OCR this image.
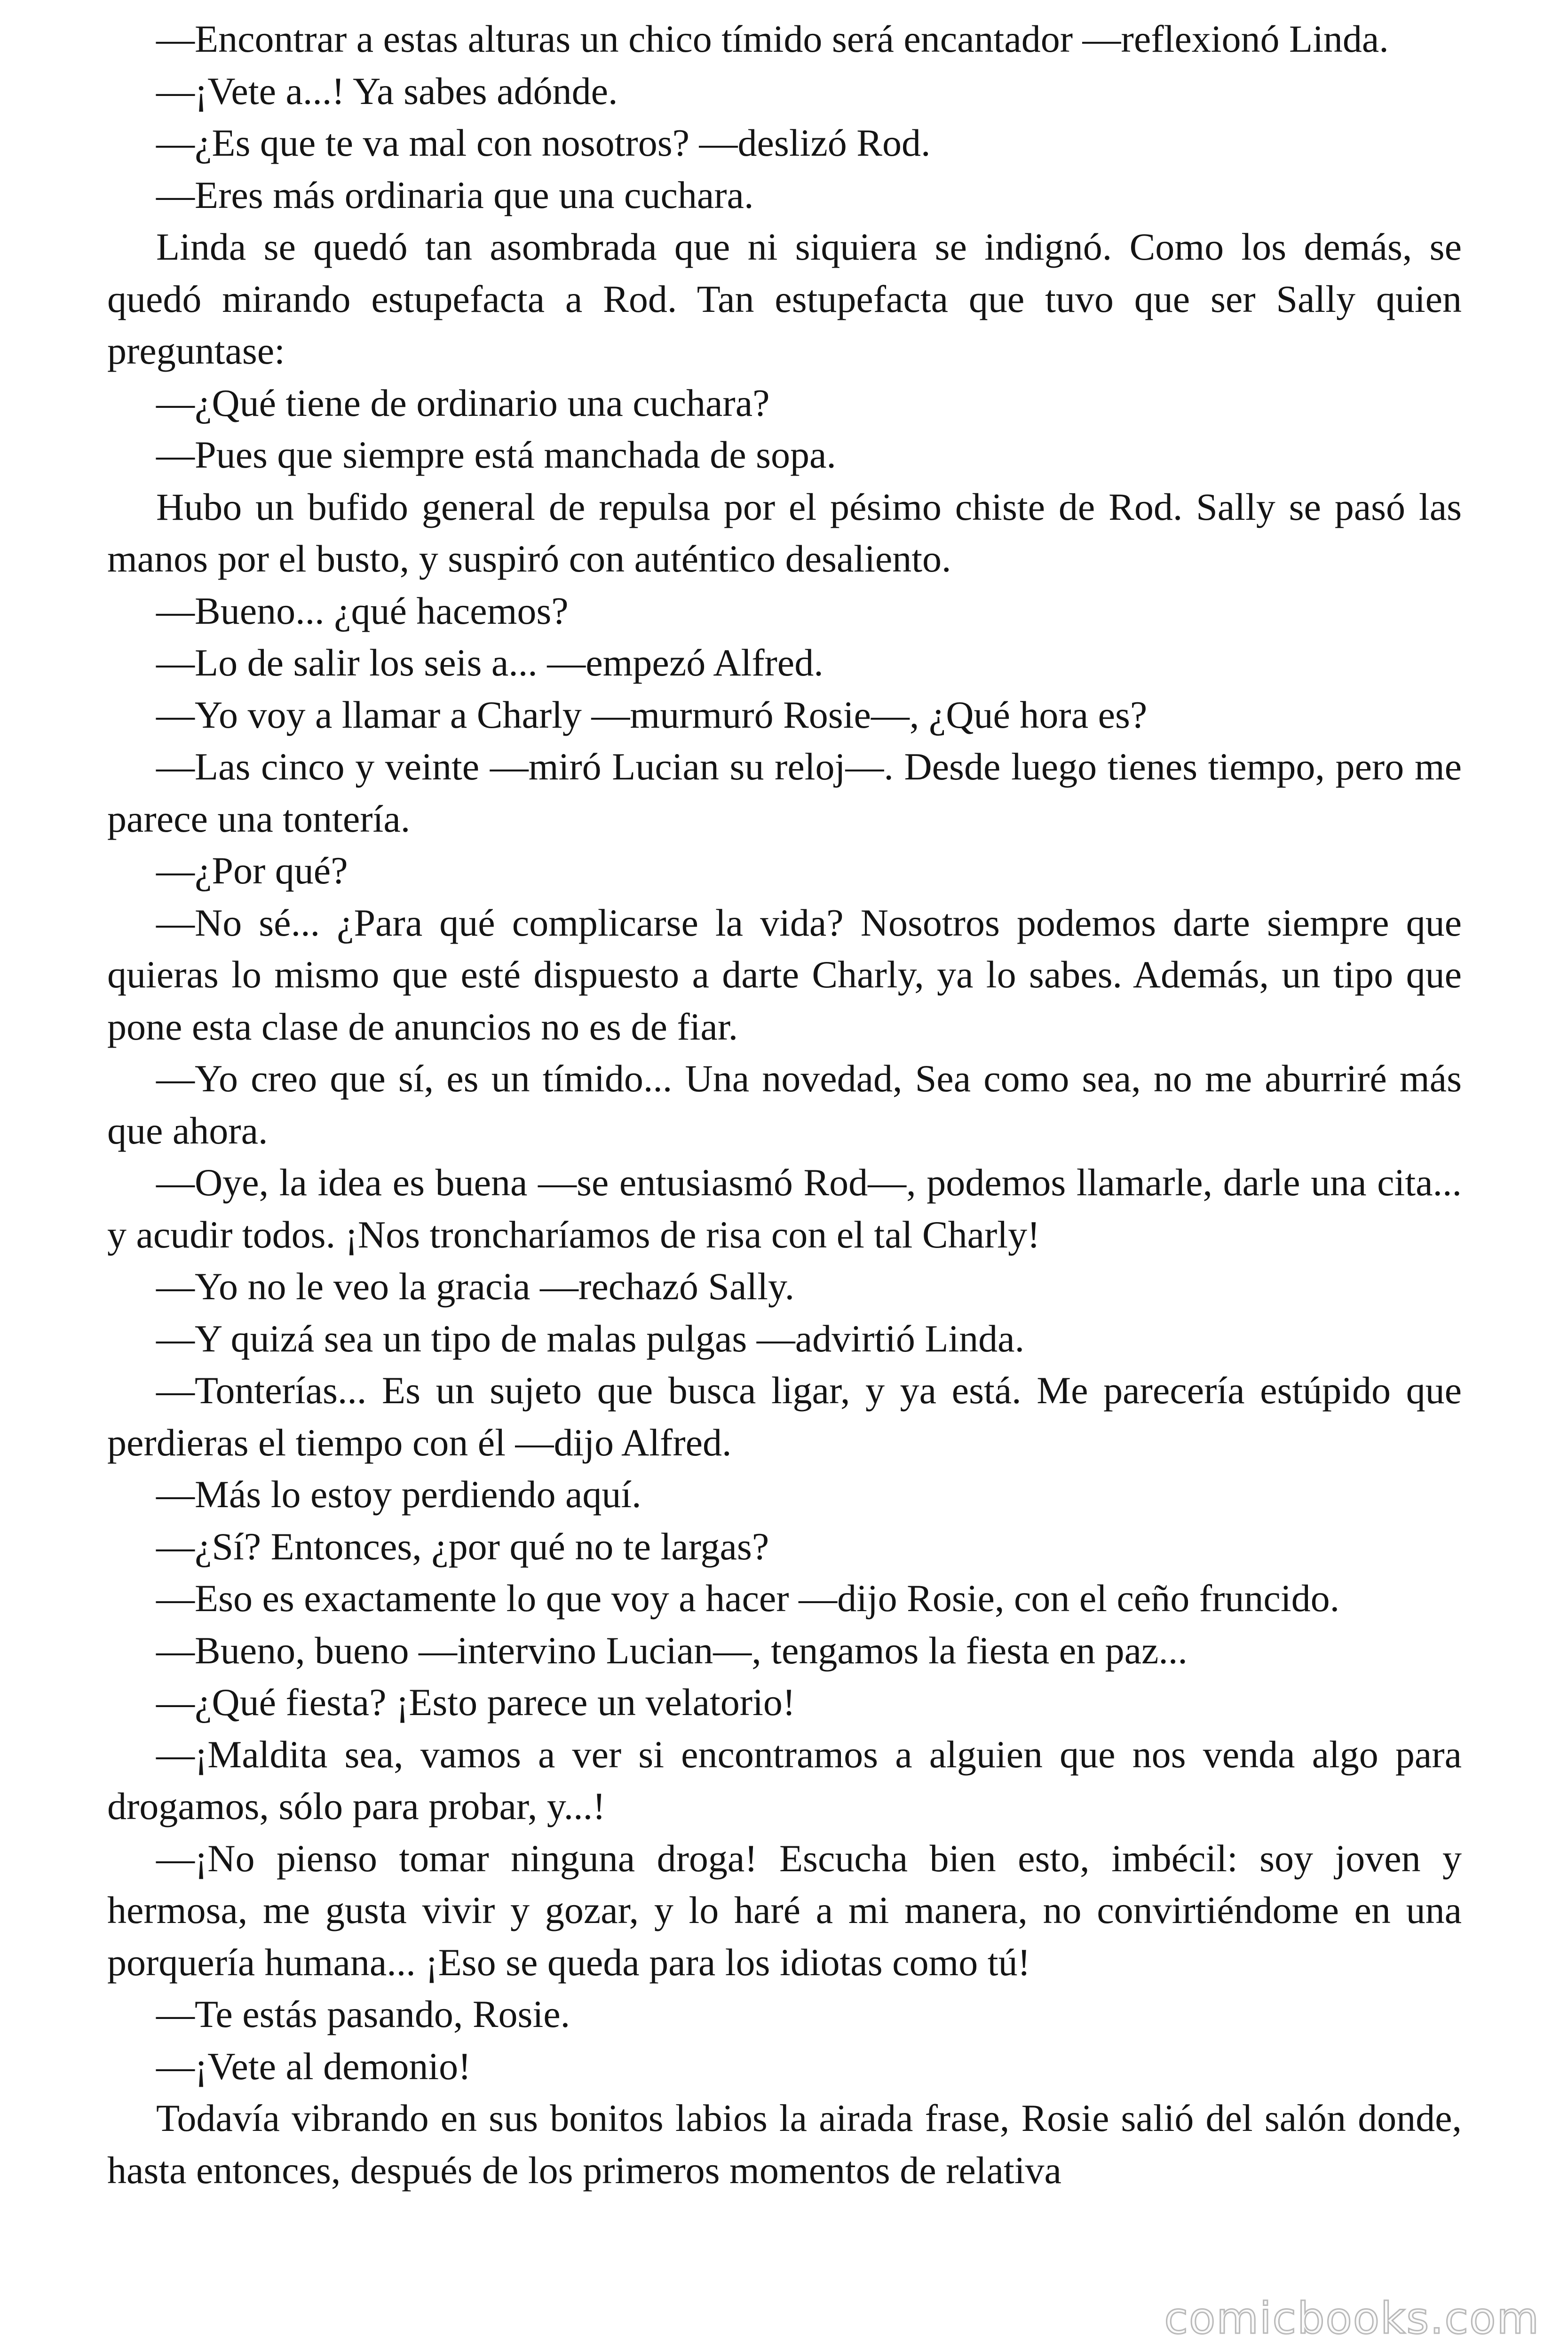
—Encontrar a estas alturas un chico tímido será encantador —reflexionó Linda.

—¡Vete a...! Ya sabes adónde.

—¿Es que te va mal con nosotros? —deslizó Rod.

—Eres más ordinaria que una cuchara.

Linda se quedó tan asombrada que ni siquiera se indignó. Como los demás, se quedó mirando estupefacta a Rod. Tan estupefacta que tuvo que ser Sally quien preguntase:

—¿Qué tiene de ordinario una cuchara?

—Pues que siempre está manchada de sopa.

Hubo un bufido general de repulsa por el pésimo chiste de Rod. Sally se pasó las manos por el busto, y suspiró con auténtico desaliento.

—Bueno... ¿qué hacemos?

—Lo de salir los seis a... —empezó Alfred.

—Yo voy a llamar a Charly —murmuró Rosie—, ¿Qué hora es?

—Las cinco y veinte —miró Lucian su reloj—. Desde luego tienes tiempo, pero me parece una tontería.

—¿Por qué?

—No sé... ¿Para qué complicarse la vida? Nosotros podemos darte siempre que quieras lo mismo que esté dispuesto a darte Charly, ya lo sabes. Además, un tipo que pone esta clase de anuncios no es de fiar.

—Yo creo que sí, es un tímido... Una novedad, Sea como sea, no me aburriré más que ahora.

—Oye, la idea es buena —se entusiasmó Rod—, podemos llamarle, darle una cita... y acudir todos. ¡Nos troncharíamos de risa con el tal Charly!

—Yo no le veo la gracia —rechazó Sally.

—Y quizá sea un tipo de malas pulgas —advirtió Linda.

—Tonterías... Es un sujeto que busca ligar, y ya está. Me parecería estúpido que perdieras el tiempo con él —dijo Alfred.

—Más lo estoy perdiendo aquí.

—¿Sí? Entonces, ¿por qué no te largas?

—Eso es exactamente lo que voy a hacer —dijo Rosie, con el ceño fruncido.

—Bueno, bueno —intervino Lucian—, tengamos la fiesta en paz...

—¿Qué fiesta? ¡Esto parece un velatorio!

—¡Maldita sea, vamos a ver si encontramos a alguien que nos venda algo para drogamos, sólo para probar, y...!

—¡No pienso tomar ninguna droga! Escucha bien esto, imbécil: soy joven y hermosa, me gusta vivir y gozar, y lo haré a mi manera, no convirtiéndome en una porquería humana... ¡Eso se queda para los idiotas como tú!

—Te estás pasando, Rosie.

—¡Vete al demonio!

Todavía vibrando en sus bonitos labios la airada frase, Rosie salió del salón donde, hasta entonces, después de los primeros momentos de relativa

comicbooks.com
